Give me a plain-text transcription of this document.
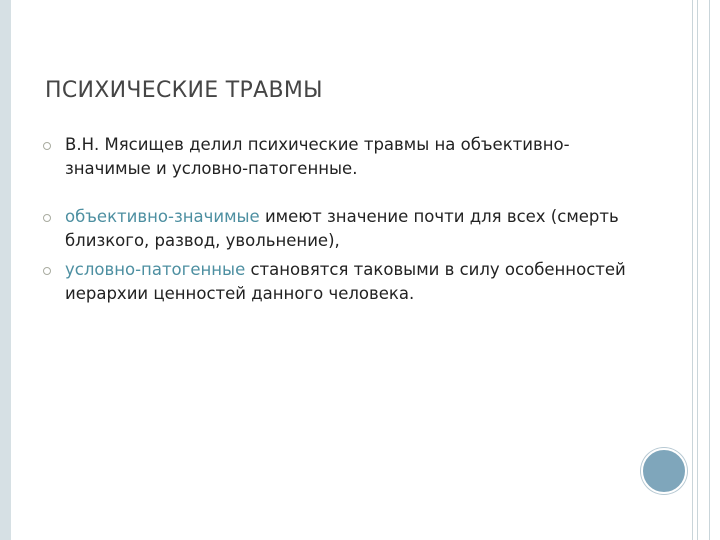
ПСИХИЧЕСКИЕ ТРАВМЫ
В.Н. Мясищев делил психические травмы на объективно-
значимые и условно-патогенные.
объективно-значимые имеют значение почти для всех (смерть
близкого, развод, увольнение),
условно-патогенные становятся таковыми в силу особенностей
иерархии ценностей данного человека.
